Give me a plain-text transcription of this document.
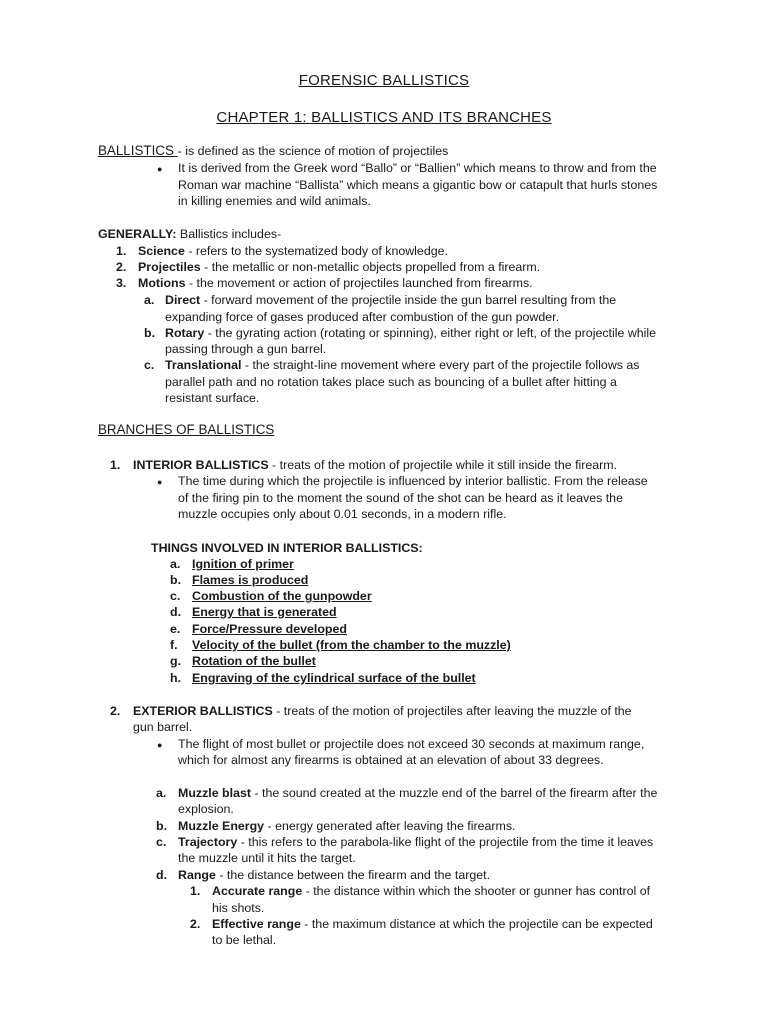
FORENSIC BALLISTICS
CHAPTER 1: BALLISTICS AND ITS BRANCHES
BALLISTICS - is defined as the science of motion of projectiles
● It is derived from the Greek word “Ballo” or “Ballien” which means to throw and from the
Roman war machine “Ballista” which means a gigantic bow or catapult that hurls stones
in killing enemies and wild animals.
GENERALLY: Ballistics includes-
1. Science - refers to the systematized body of knowledge.
2. Projectiles - the metallic or non-metallic objects propelled from a firearm.
3. Motions - the movement or action of projectiles launched from firearms.
a. Direct - forward movement of the projectile inside the gun barrel resulting from the
expanding force of gases produced after combustion of the gun powder.
b. Rotary - the gyrating action (rotating or spinning), either right or left, of the projectile while
passing through a gun barrel.
c. Translational - the straight-line movement where every part of the projectile follows as
parallel path and no rotation takes place such as bouncing of a bullet after hitting a
resistant surface.
BRANCHES OF BALLISTICS
1. INTERIOR BALLISTICS - treats of the motion of projectile while it still inside the firearm.
● The time during which the projectile is influenced by interior ballistic. From the release
of the firing pin to the moment the sound of the shot can be heard as it leaves the
muzzle occupies only about 0.01 seconds, in a modern rifle.
THINGS INVOLVED IN INTERIOR BALLISTICS:
a. Ignition of primer
b. Flames is produced
c. Combustion of the gunpowder
d. Energy that is generated
e. Force/Pressure developed
f. Velocity of the bullet (from the chamber to the muzzle)
g. Rotation of the bullet
h. Engraving of the cylindrical surface of the bullet
2. EXTERIOR BALLISTICS - treats of the motion of projectiles after leaving the muzzle of the
gun barrel.
● The flight of most bullet or projectile does not exceed 30 seconds at maximum range,
which for almost any firearms is obtained at an elevation of about 33 degrees.
a. Muzzle blast - the sound created at the muzzle end of the barrel of the firearm after the
explosion.
b. Muzzle Energy - energy generated after leaving the firearms.
c. Trajectory - this refers to the parabola-like flight of the projectile from the time it leaves
the muzzle until it hits the target.
d. Range - the distance between the firearm and the target.
1. Accurate range - the distance within which the shooter or gunner has control of
his shots.
2. Effective range - the maximum distance at which the projectile can be expected
to be lethal.
